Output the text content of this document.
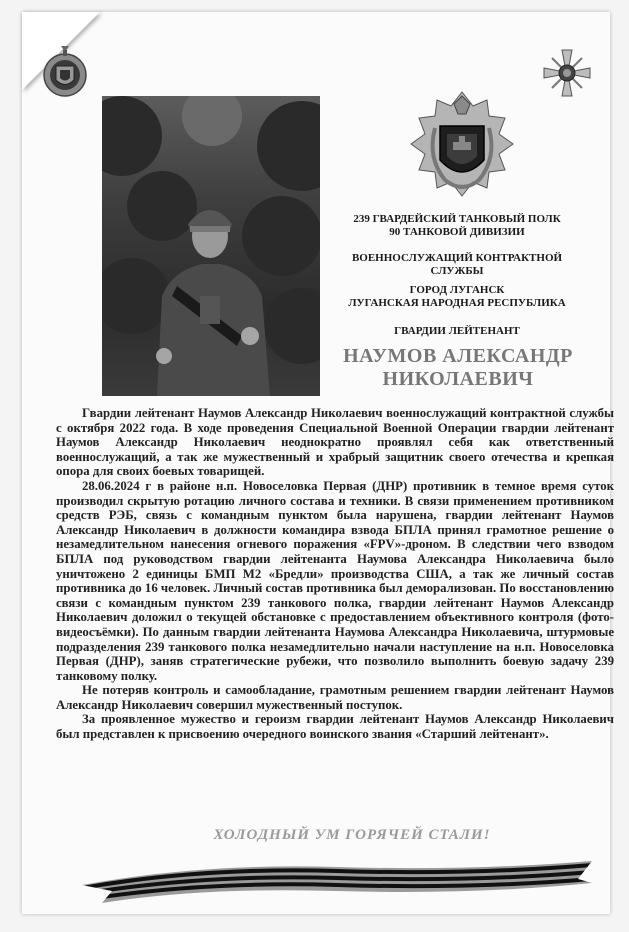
239 ГВАРДЕЙСКИЙ ТАНКОВЫЙ ПОЛК
90 ТАНКОВОЙ ДИВИЗИИ
ВОЕННОСЛУЖАЩИЙ КОНТРАКТНОЙ
СЛУЖБЫ
ГОРОД ЛУГАНСК
ЛУГАНСКАЯ НАРОДНАЯ РЕСПУБЛИКА
ГВАРДИИ ЛЕЙТЕНАНТ
НАУМОВ АЛЕКСАНДР
НИКОЛАЕВИЧ

Гвардии лейтенант Наумов Александр Николаевич военнослужащий контрактной службы с октября 2022 года. В ходе проведения Специальной Военной Операции гвардии лейтенант Наумов Александр Николаевич неоднократно проявлял себя как ответственный военнослужащий, а так же мужественный и храбрый защитник своего отечества и крепкая опора для своих боевых товарищей.

28.06.2024 г в районе н.п. Новоселовка Первая (ДНР) противник в темное время суток производил скрытую ротацию личного состава и техники. В связи применением противником средств РЭБ, связь с командным пунктом была нарушена, гвардии лейтенант Наумов Александр Николаевич в должности командира взвода БПЛА принял грамотное решение о незамедлительном нанесения огневого поражения «FPV»-дроном. В следствии чего взводом БПЛА под руководством гвардии лейтенанта Наумова Александра Николаевича было уничтожено 2 единицы БМП М2 «Бредли» производства США, а так же личный состав противника до 16 человек. Личный состав противника был деморализован. По восстановлению связи с командным пунктом 239 танкового полка, гвардии лейтенант Наумов Александр Николаевич доложил о текущей обстановке с предоставлением объективного контроля (фото-видеосъёмки). По данным гвардии лейтенанта Наумова Александра Николаевича, штурмовые подразделения 239 танкового полка незамедлительно начали наступление на н.п. Новоселовка Первая (ДНР), заняв стратегические рубежи, что позволило выполнить боевую задачу 239 танковому полку.

Не потеряв контроль и самообладание, грамотным решением гвардии лейтенант Наумов Александр Николаевич совершил мужественный поступок.

За проявленное мужество и героизм гвардии лейтенант Наумов Александр Николаевич был представлен к присвоению очередного воинского звания «Старший лейтенант».

ХОЛОДНЫЙ УМ ГОРЯЧЕЙ СТАЛИ!
